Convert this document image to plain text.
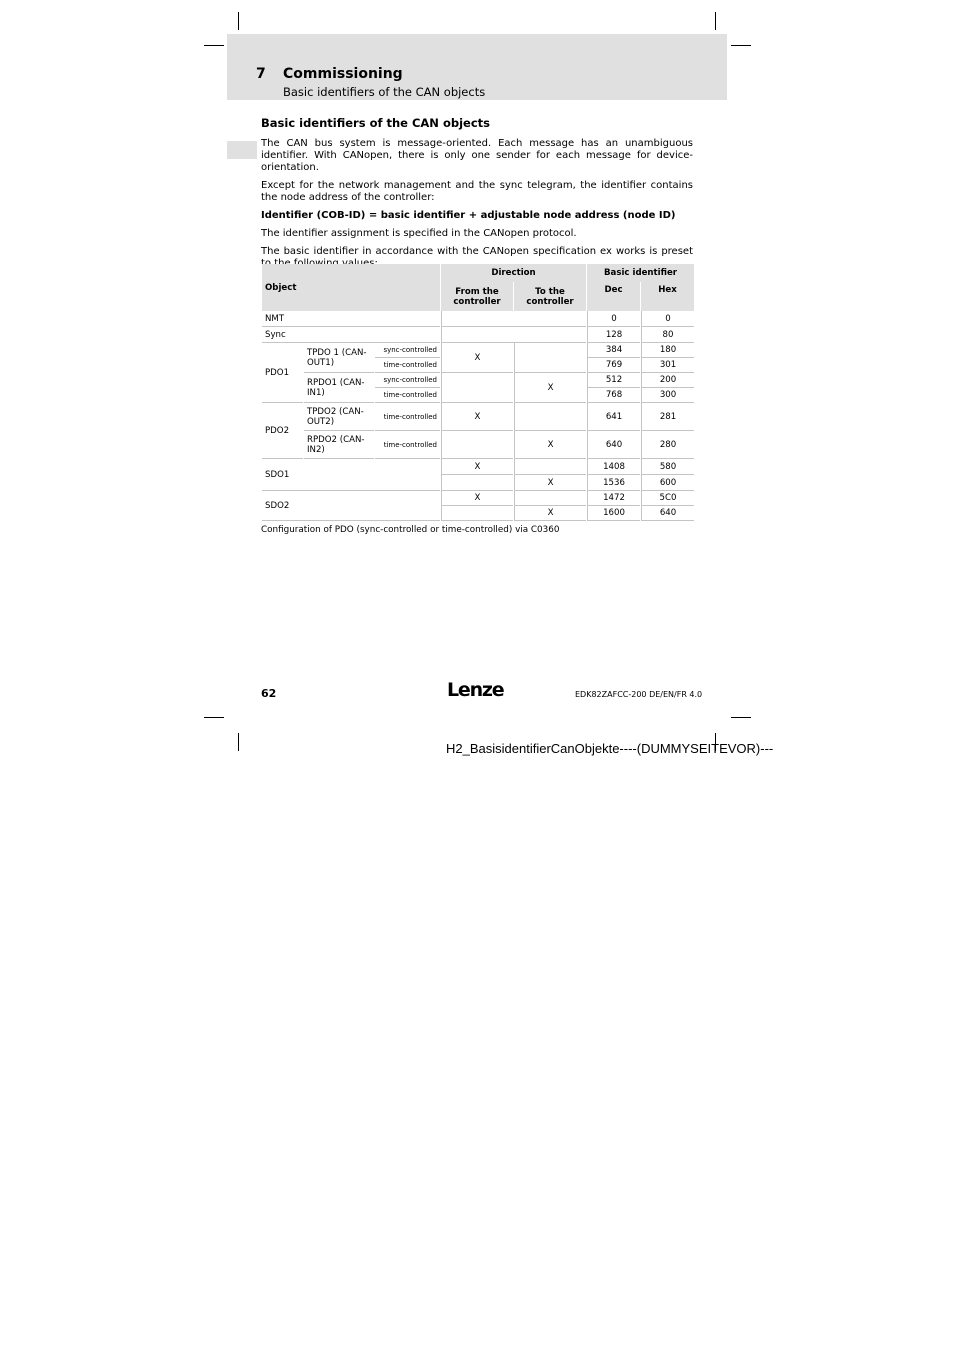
7 Commissioning
Basic identifiers of the CAN objects
Basic identifiers of the CAN objects

The CAN bus system is message-oriented. Each message has an unambiguous identifier. With CANopen, there is only one sender for each message for device-orientation.

Except for the network management and the sync telegram, the identifier contains the node address of the controller:

Identifier (COB-ID) = basic identifier + adjustable node address (node ID)

The identifier assignment is specified in the CANopen protocol.

The basic identifier in accordance with the CANopen specification ex works is preset

Object			Direction		Basic identifier	
			From the controller	To the controller	Dec	Hex
NMT					0	0
Sync					128	80
PDO1	TPDO 1 (CAN-OUT1)	sync-controlled	X		384	180
		time-controlled			769	301
	RPDO1 (CAN-IN1)	sync-controlled		X	512	200
		time-controlled			768	300
PDO2	TPDO2 (CAN-OUT2)	time-controlled	X		641	281
	RPDO2 (CAN-IN2)	time-controlled		X	640	280
SDO1			X		1408	580
				X	1536	600
SDO2			X		1472	5C0
				X	1600	640
Configuration of PDO (sync-controlled or time-controlled) via C0360
62	Lenze	EDK82ZAFCC-200 DE/EN/FR 4.0
H2_BasisidentifierCanObjekte----(DUMMYSEITEVOR)---
